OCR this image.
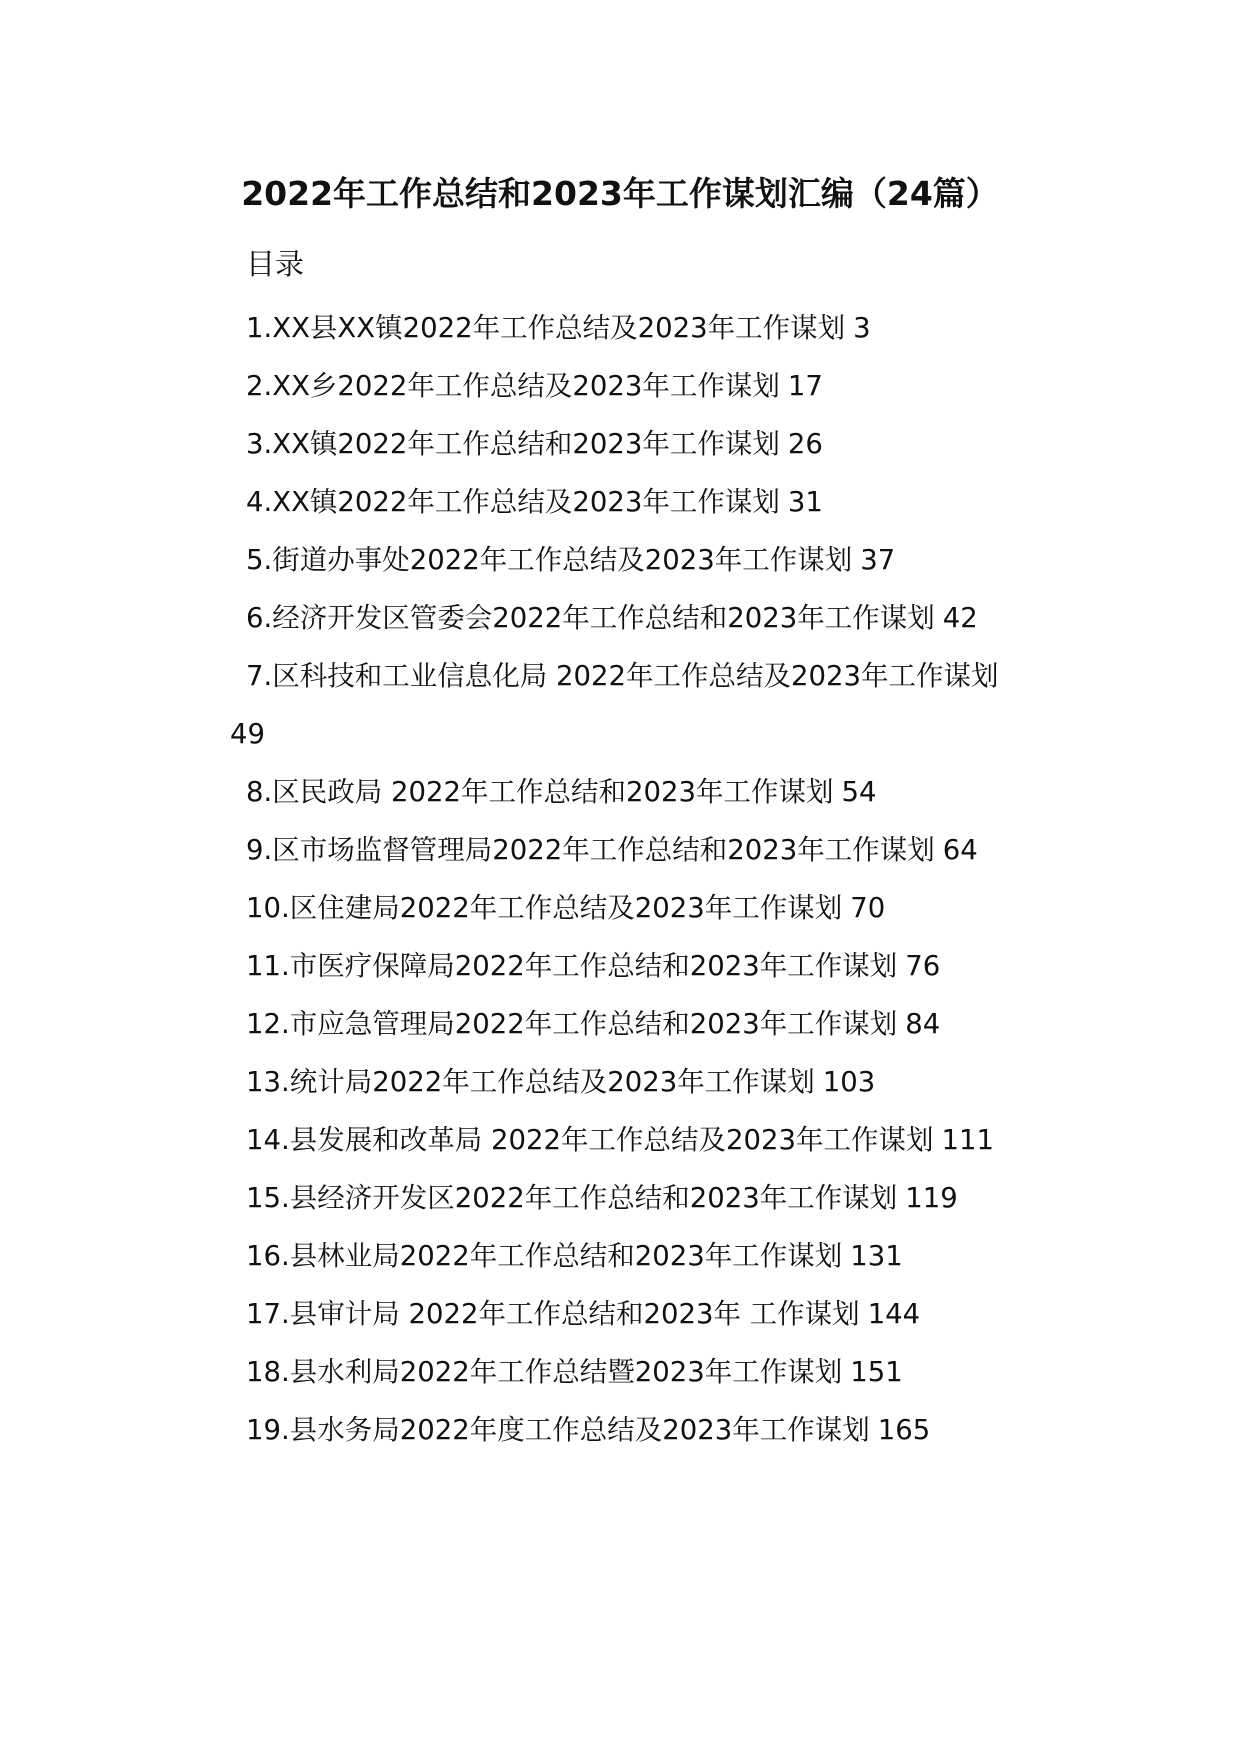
2022年工作总结和2023年工作谋划汇编（24篇）
目录
1.XX县XX镇2022年工作总结及2023年工作谋划 3
2.XX乡2022年工作总结及2023年工作谋划 17
3.XX镇2022年工作总结和2023年工作谋划 26
4.XX镇2022年工作总结及2023年工作谋划 31
5.街道办事处2022年工作总结及2023年工作谋划 37
6.经济开发区管委会2022年工作总结和2023年工作谋划 42
7.区科技和工业信息化局 2022年工作总结及2023年工作谋划
49
8.区民政局 2022年工作总结和2023年工作谋划 54
9.区市场监督管理局2022年工作总结和2023年工作谋划 64
10.区住建局2022年工作总结及2023年工作谋划 70
11.市医疗保障局2022年工作总结和2023年工作谋划 76
12.市应急管理局2022年工作总结和2023年工作谋划 84
13.统计局2022年工作总结及2023年工作谋划 103
14.县发展和改革局 2022年工作总结及2023年工作谋划 111
15.县经济开发区2022年工作总结和2023年工作谋划 119
16.县林业局2022年工作总结和2023年工作谋划 131
17.县审计局 2022年工作总结和2023年 工作谋划 144
18.县水利局2022年工作总结暨2023年工作谋划 151
19.县水务局2022年度工作总结及2023年工作谋划 165
